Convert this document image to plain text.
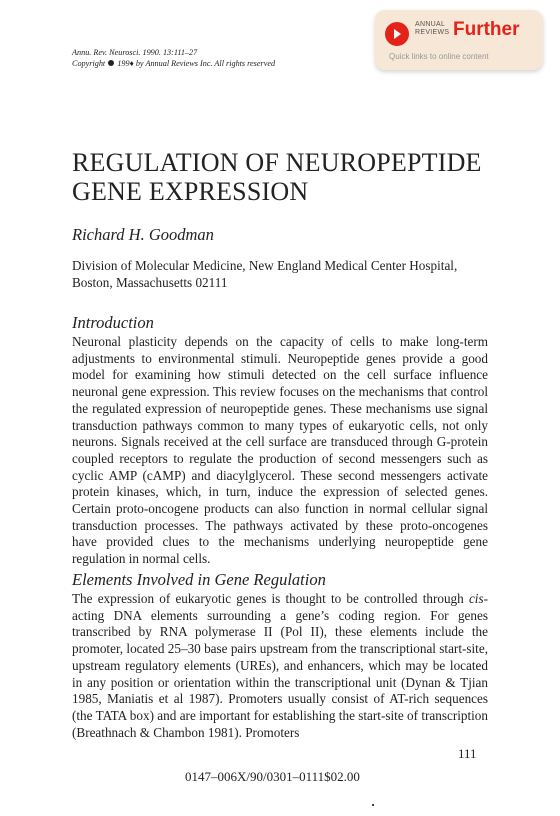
ANNUAL
REVIEWS Further
Quick links to online content
Annu. Rev. Neurosci. 1990. 13:111–27
Copyright 199♦ by Annual Reviews Inc. All rights reserved
REGULATION OF NEUROPEPTIDE
GENE EXPRESSION
Richard H. Goodman
Division of Molecular Medicine, New England Medical Center Hospital, Boston, Massachusetts 02111
Introduction
Neuronal plasticity depends on the capacity of cells to make long-term adjustments to environmental stimuli. Neuropeptide genes provide a good model for examining how stimuli detected on the cell surface influence neuronal gene expression. This review focuses on the mechanisms that control the regulated expression of neuropeptide genes. These mechanisms use signal transduction pathways common to many types of eukaryotic cells, not only neurons. Signals received at the cell surface are transduced through G-protein coupled receptors to regulate the production of second messengers such as cyclic AMP (cAMP) and diacylglycerol. These second messengers activate protein kinases, which, in turn, induce the expression of selected genes. Certain proto-oncogene products can also function in normal cellular signal transduction processes. The pathways activated by these proto-oncogenes have provided clues to the mechanisms underlying neuropeptide gene regulation in normal cells.
Elements Involved in Gene Regulation
The expression of eukaryotic genes is thought to be controlled through cis-acting DNA elements surrounding a gene’s coding region. For genes transcribed by RNA polymerase II (Pol II), these elements include the promoter, located 25–30 base pairs upstream from the transcriptional start-site, upstream regulatory elements (UREs), and enhancers, which may be located in any position or orientation within the transcriptional unit (Dynan & Tjian 1985, Maniatis et al 1987). Promoters usually consist of AT-rich sequences (the TATA box) and are important for establishing the start-site of transcription (Breathnach & Chambon 1981). Promoters
111
0147–006X/90/0301–0111$02.00
